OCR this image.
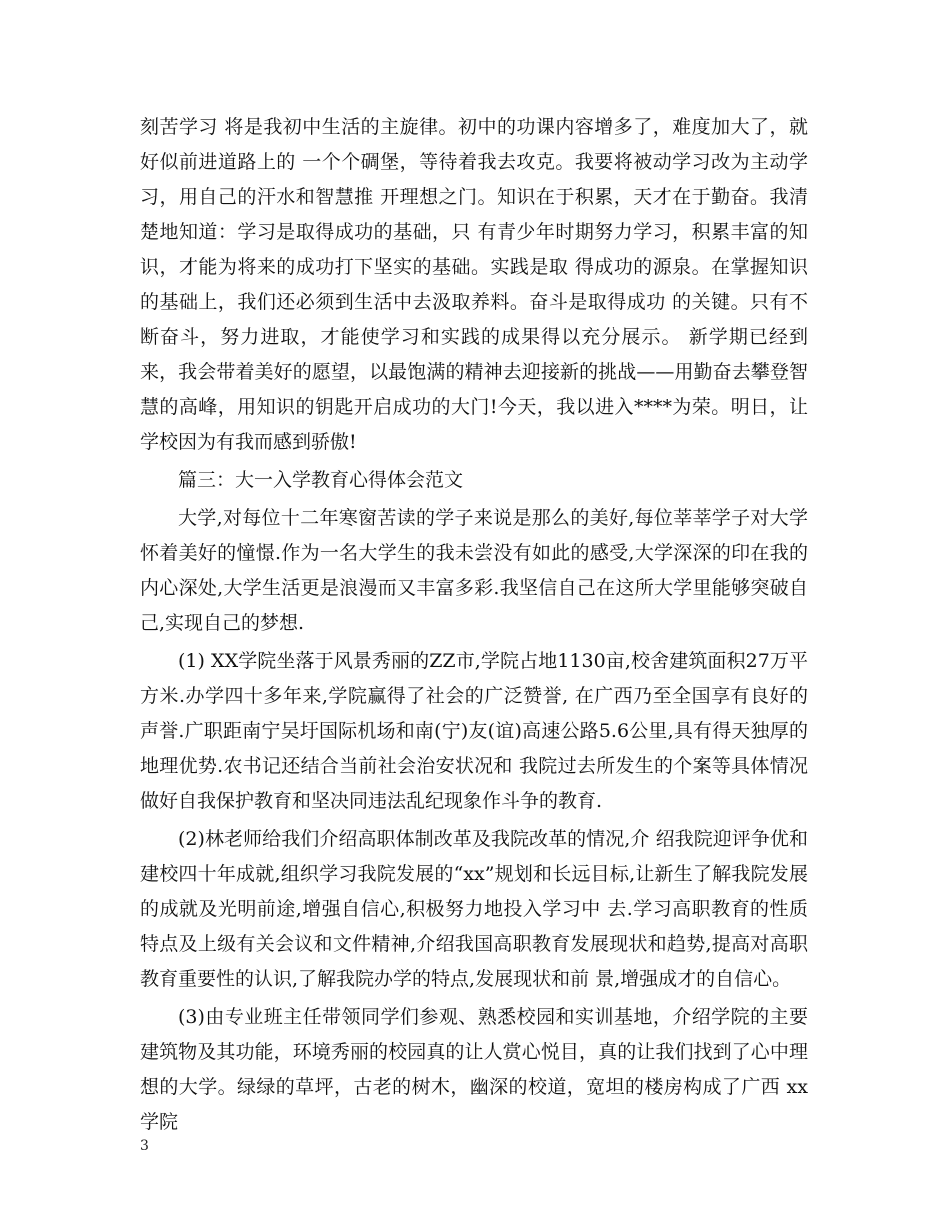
刻苦学习 将是我初中生活的主旋律。初中的功课内容增多了，难度加大了，就好似前进道路上的 一个个碉堡，等待着我去攻克。我要将被动学习改为主动学习，用自己的汗水和智慧推 开理想之门。知识在于积累，天才在于勤奋。我清楚地知道：学习是取得成功的基础，只 有青少年时期努力学习，积累丰富的知识，才能为将来的成功打下坚实的基础。实践是取 得成功的源泉。在掌握知识的基础上，我们还必须到生活中去汲取养料。奋斗是取得成功 的关键。只有不断奋斗，努力进取，才能使学习和实践的成果得以充分展示。 新学期已经到来，我会带着美好的愿望，以最饱满的精神去迎接新的挑战——用勤奋去攀登智慧的高峰，用知识的钥匙开启成功的大门!今天，我以进入****为荣。明日，让学校因为有我而感到骄傲!

篇三：大一入学教育心得体会范文

大学,对每位十二年寒窗苦读的学子来说是那么的美好,每位莘莘学子对大学怀着美好的憧憬.作为一名大学生的我未尝没有如此的感受,大学深深的印在我的内心深处,大学生活更是浪漫而又丰富多彩.我坚信自己在这所大学里能够突破自己,实现自己的梦想.

(1) XX学院坐落于风景秀丽的ZZ市,学院占地1130亩,校舍建筑面积27万平方米.办学四十多年来,学院赢得了社会的广泛赞誉, 在广西乃至全国享有良好的声誉.广职距南宁吴圩国际机场和南(宁)友(谊)高速公路5.6公里,具有得天独厚的地理优势.农书记还结合当前社会治安状况和 我院过去所发生的个案等具体情况做好自我保护教育和坚决同违法乱纪现象作斗争的教育.

(2)林老师给我们介绍高职体制改革及我院改革的情况,介 绍我院迎评争优和建校四十年成就,组织学习我院发展的“xx”规划和长远目标,让新生了解我院发展的成就及光明前途,增强自信心,积极努力地投入学习中 去.学习高职教育的性质特点及上级有关会议和文件精神,介绍我国高职教育发展现状和趋势,提高对高职教育重要性的认识,了解我院办学的特点,发展现状和前 景,增强成才的自信心。

(3)由专业班主任带领同学们参观、熟悉校园和实训基地，介绍学院的主要建筑物及其功能，环境秀丽的校园真的让人赏心悦目，真的让我们找到了心中理想的大学。绿绿的草坪，古老的树木，幽深的校道，宽坦的楼房构成了广西 xx 学院

3
